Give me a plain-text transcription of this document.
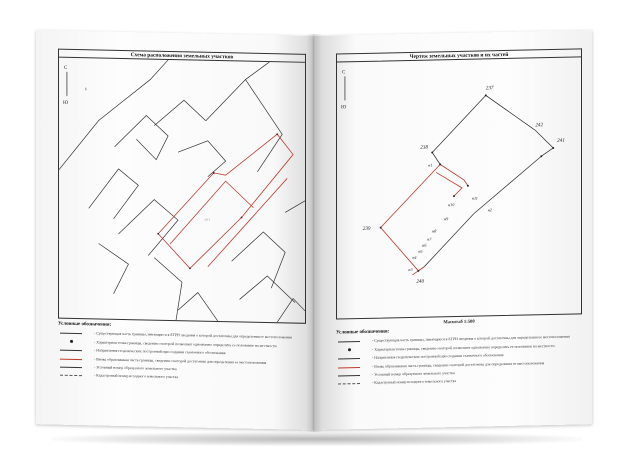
Схема расположения земельных участков
С
Ю
s
:ЗУ1
Условные обозначения:
- Существующая часть границы, имеющиеся в ЕГРН сведения о которой достаточны для определения ее местоположения
- Характерная точка границы, сведения о которой позволяют однозначно определить ее положение на местности
- Направления геодезических построений при создании съемочного обоснования
- Вновь образованная часть границы, сведения о которой достаточны для определения ее местоположения
- Условный номер образуемого земельного участка
- Кадастровый номер исходного земельного участка
Чертеж земельных участков и их частей
С
Ю
237
238
242
241
239
240
н1
н2
н3
н4
н5
н6
н7
н8
н9
н10
н11
Масштаб 1:500
Условные обозначения:
- Существующая часть границы, имеющиеся в ЕГРН сведения о которой достаточны для определения ее местоположения
- Характерная точка границы, сведения о которой позволяют однозначно определить ее положение на местности
- Направления геодезических построений при создании съемочного обоснования
- Вновь образованная часть границы, сведения о которой достаточны для определения ее местоположения
- Условный номер образуемого земельного участка
- Кадастровый номер исходного земельного участка
